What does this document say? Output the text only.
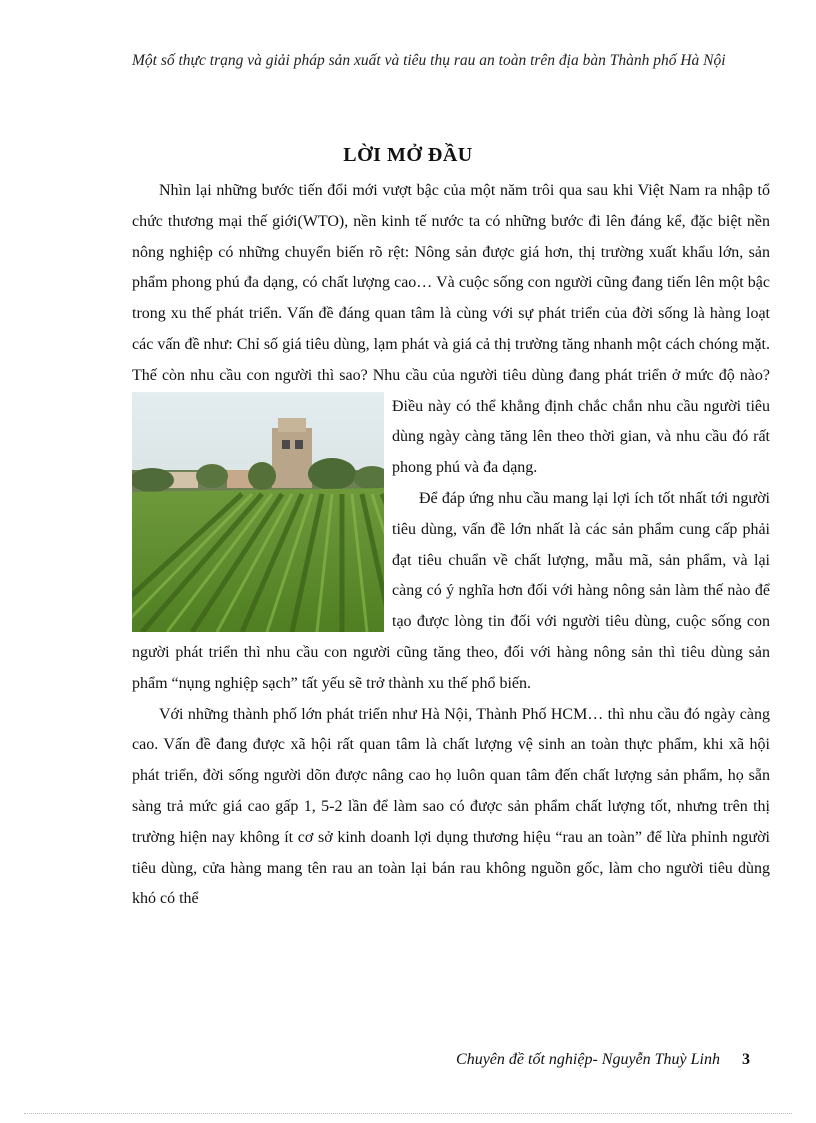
Một số thực trạng và giải pháp sản xuất và tiêu thụ rau an toàn trên địa bàn Thành phố Hà Nội
LỜI MỞ ĐẦU

Nhìn lại những bước tiến đổi mới vượt bậc của một năm trôi qua sau khi Việt Nam ra nhập tổ chức thương mại thế giới(WTO), nền kinh tế nước ta có những bước đi lên đáng kể, đặc biệt nền nông nghiệp có những chuyển biến rõ rệt: Nông sản được giá hơn, thị trường xuất khẩu lớn, sản phẩm phong phú đa dạng, có chất lượng cao… Và cuộc sống con người cũng đang tiến lên một bậc trong xu thế phát triển. Vấn đề đáng quan tâm là cùng với sự phát triển của đời sống là hàng loạt các vấn đề như: Chỉ số giá tiêu dùng, lạm phát và giá cả thị trường tăng nhanh một cách chóng mặt. Thế còn nhu cầu con người thì sao? Nhu cầu của người tiêu dùng đang phát triển ở mức độ nào?
Điều này có thể khẳng định chắc chắn nhu cầu người tiêu dùng ngày càng tăng lên theo thời gian, và nhu cầu đó rất phong phú và đa dạng.

Để đáp ứng nhu cầu mang lại lợi ích tốt nhất tới người tiêu dùng, vấn đề lớn nhất là các sản phẩm cung cấp phải đạt tiêu chuẩn về chất lượng, mẫu mã, sản phẩm, và lại càng có ý nghĩa hơn đối với hàng nông sản làm thế nào để tạo được lòng tin đối với người tiêu dùng, cuộc sống con người phát triển thì nhu cầu con người cũng tăng theo, đối với hàng nông sản thì tiêu dùng sản phẩm “nụng nghiệp sạch” tất yếu sẽ trở thành xu thế phổ biến.

Với những thành phố lớn phát triển như Hà Nội, Thành Phố HCM… thì nhu cầu đó ngày càng cao. Vấn đề đang được xã hội rất quan tâm là chất lượng vệ sinh an toàn thực phẩm, khi xã hội phát triển, đời sống người dõn được nâng cao họ luôn quan tâm đến chất lượng sản phẩm, họ sẵn sàng trả mức giá cao gấp 1, 5-2 lần để làm sao có được sản phẩm chất lượng tốt, nhưng trên thị trường hiện nay không ít cơ sở kinh doanh lợi dụng thương hiệu “rau an toàn” để lừa phỉnh người tiêu dùng, cửa hàng mang tên rau an toàn lại bán rau không nguồn gốc, làm cho người tiêu dùng khó có thể

Chuyên đề tốt nghiệp- Nguyễn Thuỳ Linh 3
